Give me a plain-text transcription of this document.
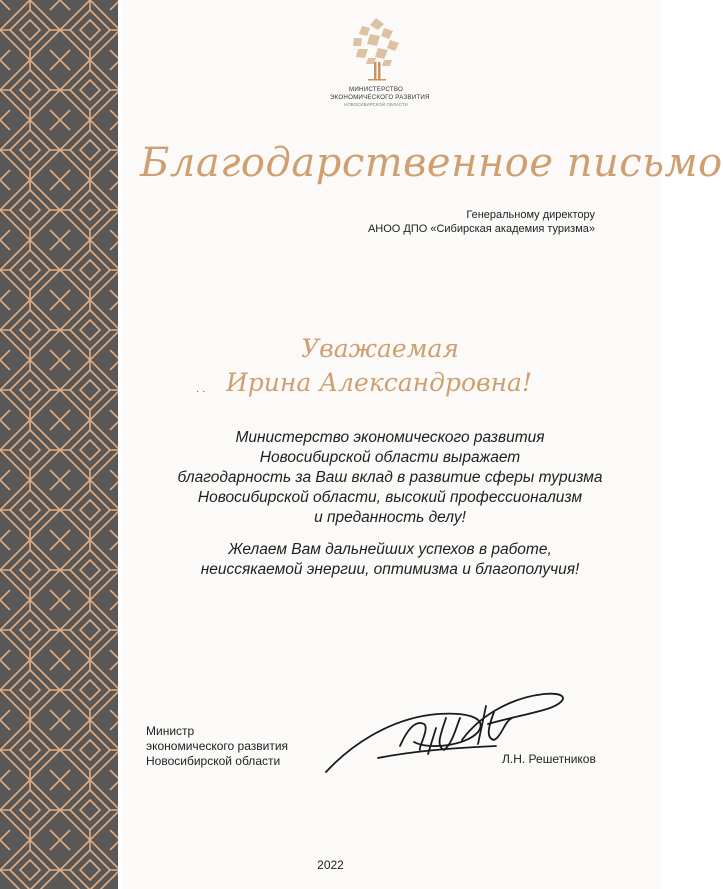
МИНИСТЕРСТВО
ЭКОНОМИЧЕСКОГО РАЗВИТИЯ
НОВОСИБИРСКОЙ ОБЛАСТИ
Благодарственное письмо
Генеральному директору
АНОО ДПО «Сибирская академия туризма»
Уважаемая
· · Ирина Александровна!
Министерство экономического развития
Новосибирской области выражает
благодарность за Ваш вклад в развитие сферы туризма
Новосибирской области, высокий профессионализм
и преданность делу!
Желаем Вам дальнейших успехов в работе,
неиссякаемой энергии, оптимизма и благополучия!
Министр
экономического развития
Новосибирской области	Л.Н. Решетников
2022
